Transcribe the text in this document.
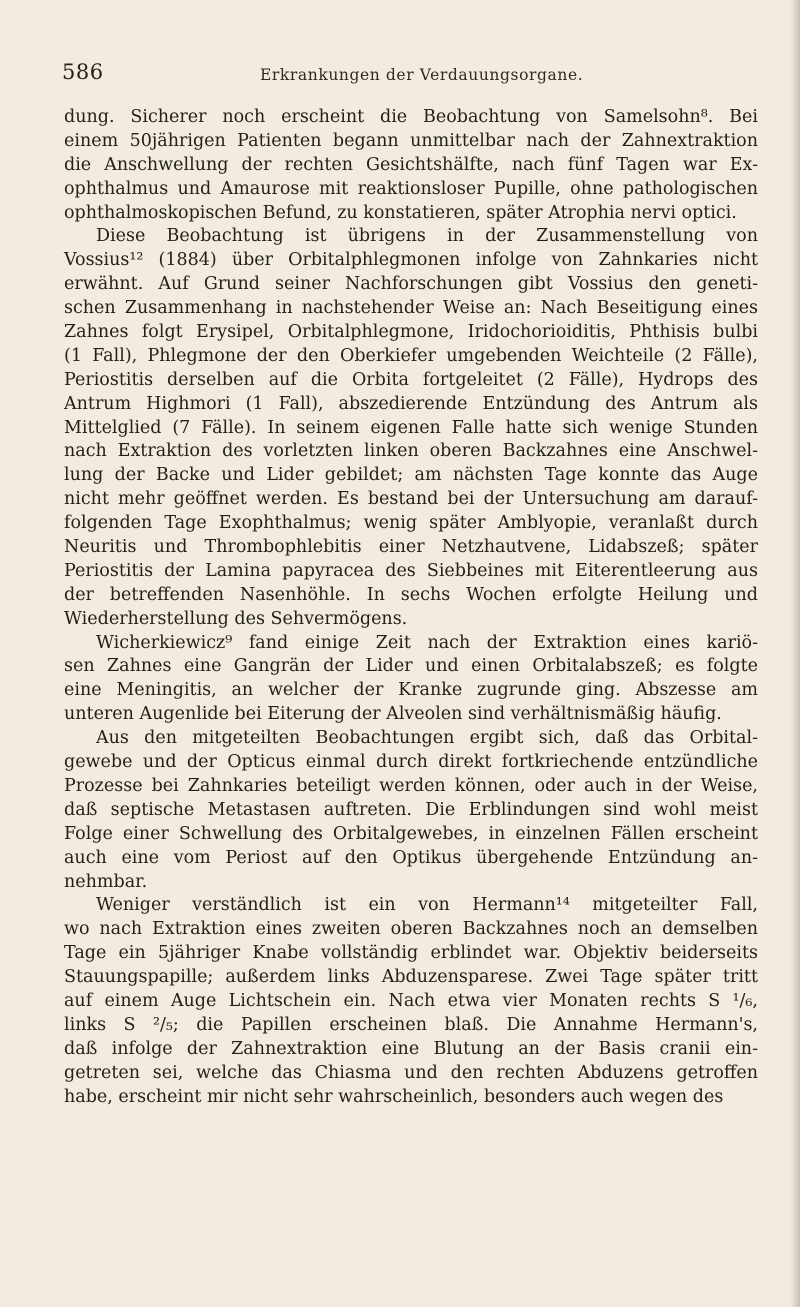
586	Erkrankungen der Verdauungsorgane.
dung. Sicherer noch erscheint die Beobachtung von Samelsohn⁸. Bei
einem 50jährigen Patienten begann unmittelbar nach der Zahnextraktion
die Anschwellung der rechten Gesichtshälfte, nach fünf Tagen war Ex-
ophthalmus und Amaurose mit reaktionsloser Pupille, ohne pathologischen
ophthalmoskopischen Befund, zu konstatieren, später Atrophia nervi optici.
Diese Beobachtung ist übrigens in der Zusammenstellung von
Vossius¹² (1884) über Orbitalphlegmonen infolge von Zahnkaries nicht
erwähnt. Auf Grund seiner Nachforschungen gibt Vossius den geneti-
schen Zusammenhang in nachstehender Weise an: Nach Beseitigung eines
Zahnes folgt Erysipel, Orbitalphlegmone, Iridochorioiditis, Phthisis bulbi
(1 Fall), Phlegmone der den Oberkiefer umgebenden Weichteile (2 Fälle),
Periostitis derselben auf die Orbita fortgeleitet (2 Fälle), Hydrops des
Antrum Highmori (1 Fall), abszedierende Entzündung des Antrum als
Mittelglied (7 Fälle). In seinem eigenen Falle hatte sich wenige Stunden
nach Extraktion des vorletzten linken oberen Backzahnes eine Anschwel-
lung der Backe und Lider gebildet; am nächsten Tage konnte das Auge
nicht mehr geöffnet werden. Es bestand bei der Untersuchung am darauf-
folgenden Tage Exophthalmus; wenig später Amblyopie, veranlaßt durch
Neuritis und Thrombophlebitis einer Netzhautvene, Lidabszeß; später
Periostitis der Lamina papyracea des Siebbeines mit Eiterentleerung aus
der betreffenden Nasenhöhle. In sechs Wochen erfolgte Heilung und
Wiederherstellung des Sehvermögens.
Wicherkiewicz⁹ fand einige Zeit nach der Extraktion eines kariö-
sen Zahnes eine Gangrän der Lider und einen Orbitalabszeß; es folgte
eine Meningitis, an welcher der Kranke zugrunde ging. Abszesse am
unteren Augenlide bei Eiterung der Alveolen sind verhältnismäßig häufig.
Aus den mitgeteilten Beobachtungen ergibt sich, daß das Orbital-
gewebe und der Opticus einmal durch direkt fortkriechende entzündliche
Prozesse bei Zahnkaries beteiligt werden können, oder auch in der Weise,
daß septische Metastasen auftreten. Die Erblindungen sind wohl meist
Folge einer Schwellung des Orbitalgewebes, in einzelnen Fällen erscheint
auch eine vom Periost auf den Optikus übergehende Entzündung an-
nehmbar.
Weniger verständlich ist ein von Hermann¹⁴ mitgeteilter Fall,
wo nach Extraktion eines zweiten oberen Backzahnes noch an demselben
Tage ein 5jähriger Knabe vollständig erblindet war. Objektiv beiderseits
Stauungspapille; außerdem links Abduzensparese. Zwei Tage später tritt
auf einem Auge Lichtschein ein. Nach etwa vier Monaten rechts S ¹/₆,
links S ²/₅; die Papillen erscheinen blaß. Die Annahme Hermann's,
daß infolge der Zahnextraktion eine Blutung an der Basis cranii ein-
getreten sei, welche das Chiasma und den rechten Abduzens getroffen
habe, erscheint mir nicht sehr wahrscheinlich, besonders auch wegen des
